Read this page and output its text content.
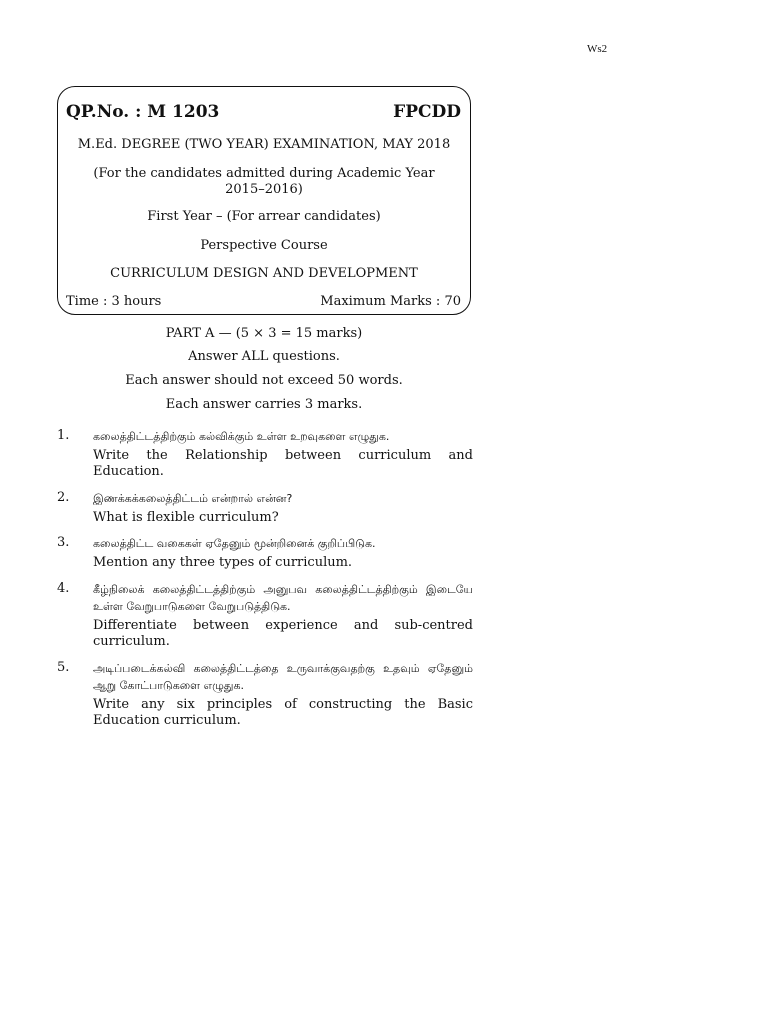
Ws2
QP.No. : M 1203	FPCDD
M.Ed. DEGREE (TWO YEAR) EXAMINATION, MAY 2018
(For the candidates admitted during Academic Year
2015–2016)
First Year – (For arrear candidates)
Perspective Course
CURRICULUM DESIGN AND DEVELOPMENT
Time : 3 hours	Maximum Marks : 70
PART A — (5 × 3 = 15 marks)
Answer ALL questions.
Each answer should not exceed 50 words.
Each answer carries 3 marks.
1. கலைத்திட்டத்திற்கும் கல்விக்கும் உள்ள உறவுகளை எழுதுக.
Write the Relationship between curriculum and Education.
2. இணக்கக்கலைத்திட்டம் என்றால் என்ன?
What is flexible curriculum?
3. கலைத்திட்ட வகைகள் ஏதேனும் மூன்றினைக் குறிப்பிடுக.
Mention any three types of curriculum.
4. கீழ்நிலைக் கலைத்திட்டத்திற்கும் அனுபவ கலைத்திட்டத்திற்கும் இடையே உள்ள வேறுபாடுகளை வேறுபடுத்திடுக.
Differentiate between experience and sub-centred curriculum.
5. அடிப்படைக்கல்வி கலைத்திட்டத்தை உருவாக்குவதற்கு உதவும் ஏதேனும் ஆறு கோட்பாடுகளை எழுதுக.
Write any six principles of constructing the Basic Education curriculum.
